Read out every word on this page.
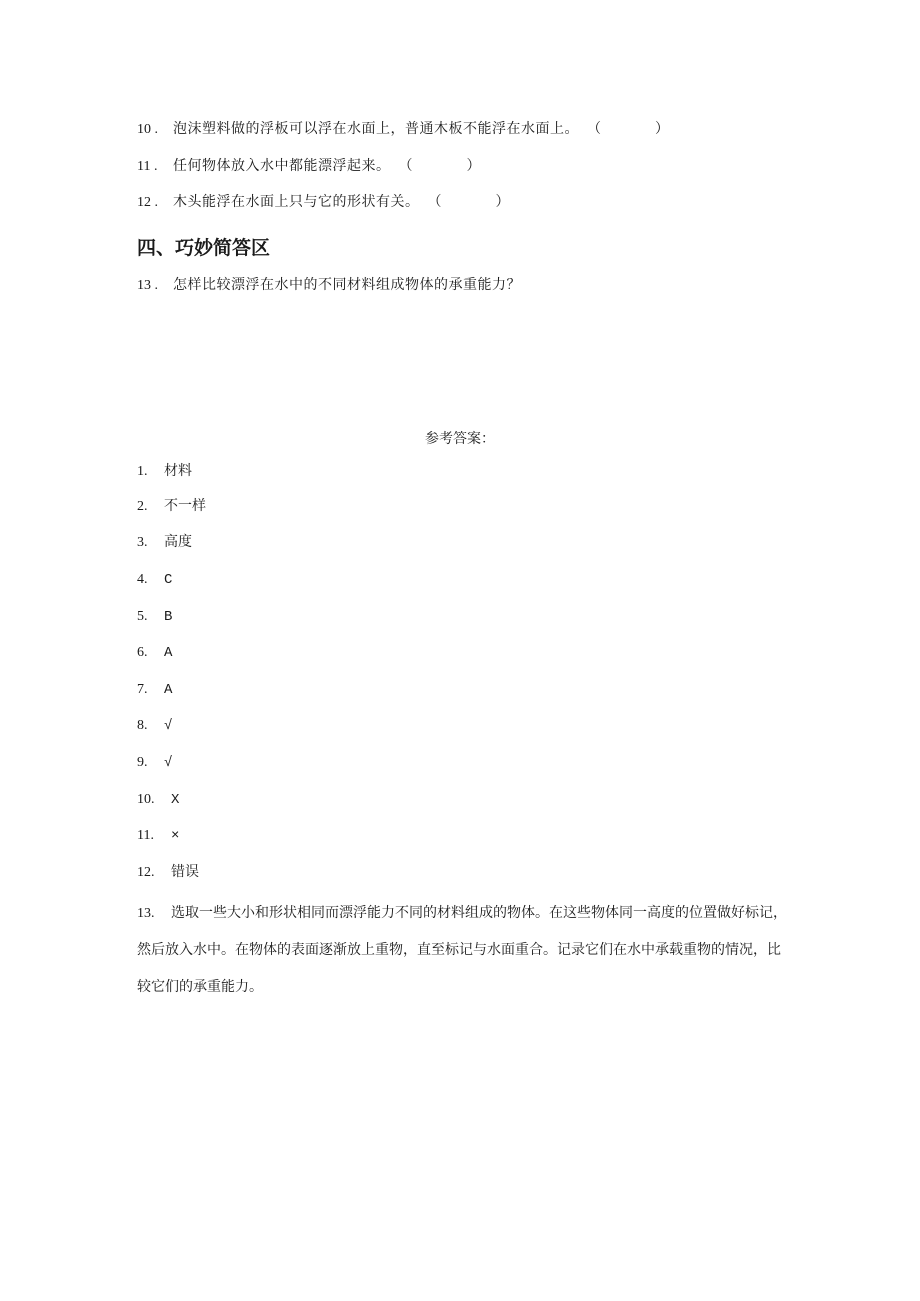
10 . 泡沫塑料做的浮板可以浮在水面上，普通木板不能浮在水面上。 （	）
11 . 任何物体放入水中都能漂浮起来。 （	）
12 . 木头能浮在水面上只与它的形状有关。 （	）
四、巧妙简答区
13 . 怎样比较漂浮在水中的不同材料组成物体的承重能力？
参考答案：
1. 材料
2. 不一样
3. 高度
4. C
5. B
6. A
7. A
8. √
9. √
10. X
11. ×
12. 错误
13. 选取一些大小和形状相同而漂浮能力不同的材料组成的物体。在这些物体同一高度的位置做好标记，然后放入水中。在物体的表面逐渐放上重物，直至标记与水面重合。记录它们在水中承载重物的情况，比较它们的承重能力。
